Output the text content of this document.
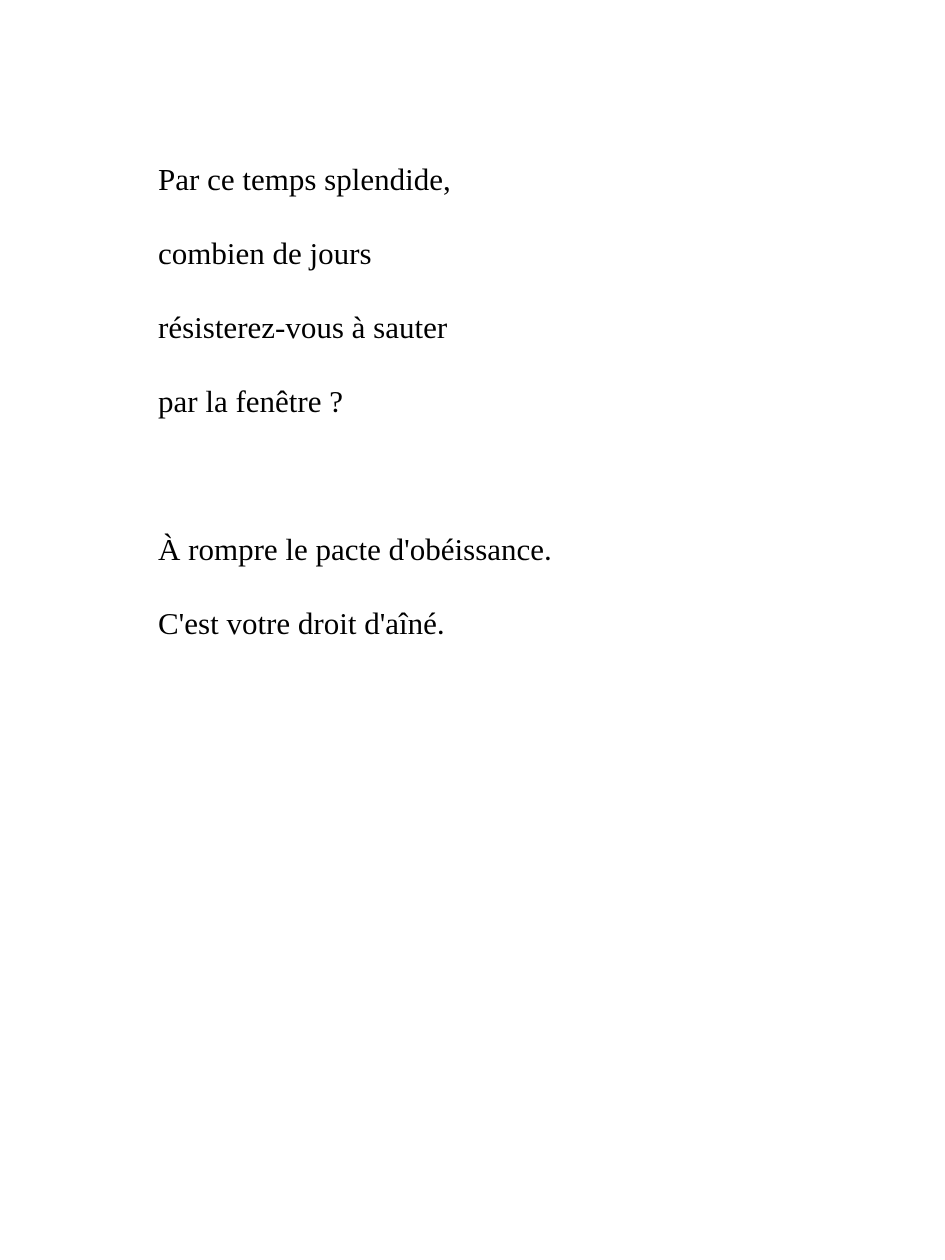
Par ce temps splendide,
combien de jours
résisterez-vous à sauter
par la fenêtre ?
À rompre le pacte d'obéissance.
C'est votre droit d'aîné.
